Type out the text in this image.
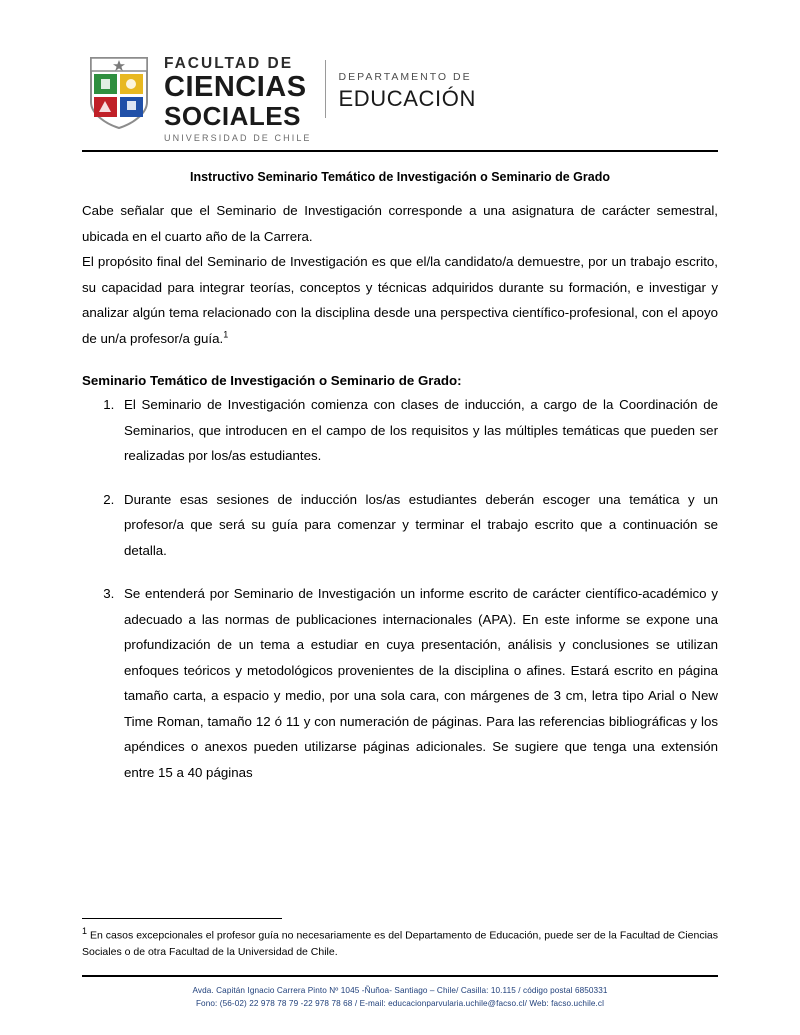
FACULTAD DE
CIENCIAS
SOCIALES
UNIVERSIDAD DE CHILE
DEPARTAMENTO DE
EDUCACIÓN
Instructivo Seminario Temático de Investigación o Seminario de Grado

Cabe señalar que el Seminario de Investigación corresponde a una asignatura de carácter semestral, ubicada en el cuarto año de la Carrera.

El propósito final del Seminario de Investigación es que el/la candidato/a demuestre, por un trabajo escrito, su capacidad para integrar teorías, conceptos y técnicas adquiridos durante su formación, e investigar y analizar algún tema relacionado con la disciplina desde una perspectiva científico-profesional, con el apoyo de un/a profesor/a guía.$^1$

Seminario Temático de Investigación o Seminario de Grado:
1. El Seminario de Investigación comienza con clases de inducción, a cargo de la Coordinación de Seminarios, que introducen en el campo de los requisitos y las múltiples temáticas que pueden ser realizadas por los/as estudiantes.
2. Durante esas sesiones de inducción los/as estudiantes deberán escoger una temática y un profesor/a que será su guía para comenzar y terminar el trabajo escrito que a continuación se detalla.
3. Se entenderá por Seminario de Investigación un informe escrito de carácter científico-académico y adecuado a las normas de publicaciones internacionales (APA). En este informe se expone una profundización de un tema a estudiar en cuya presentación, análisis y conclusiones se utilizan enfoques teóricos y metodológicos provenientes de la disciplina o afines. Estará escrito en página tamaño carta, a espacio y medio, por una sola cara, con márgenes de 3 cm, letra tipo Arial o New Time Roman, tamaño 12 ó 11 y con numeración de páginas. Para las referencias bibliográficas y los apéndices o anexos pueden utilizarse páginas adicionales. Se sugiere que tenga una extensión entre 15 a 40 páginas
$^1$ En casos excepcionales el profesor guía no necesariamente es del Departamento de Educación, puede ser de la Facultad de Ciencias Sociales o de otra Facultad de la Universidad de Chile.
Avda. Capitán Ignacio Carrera Pinto Nº 1045 -Ñuñoa- Santiago – Chile/ Casilla: 10.115 / código postal 6850331
Fono: (56-02) 22 978 78 79 -22 978 78 68 / E-mail: educacionparvularia.uchile@facso.cl/ Web: facso.uchile.cl
